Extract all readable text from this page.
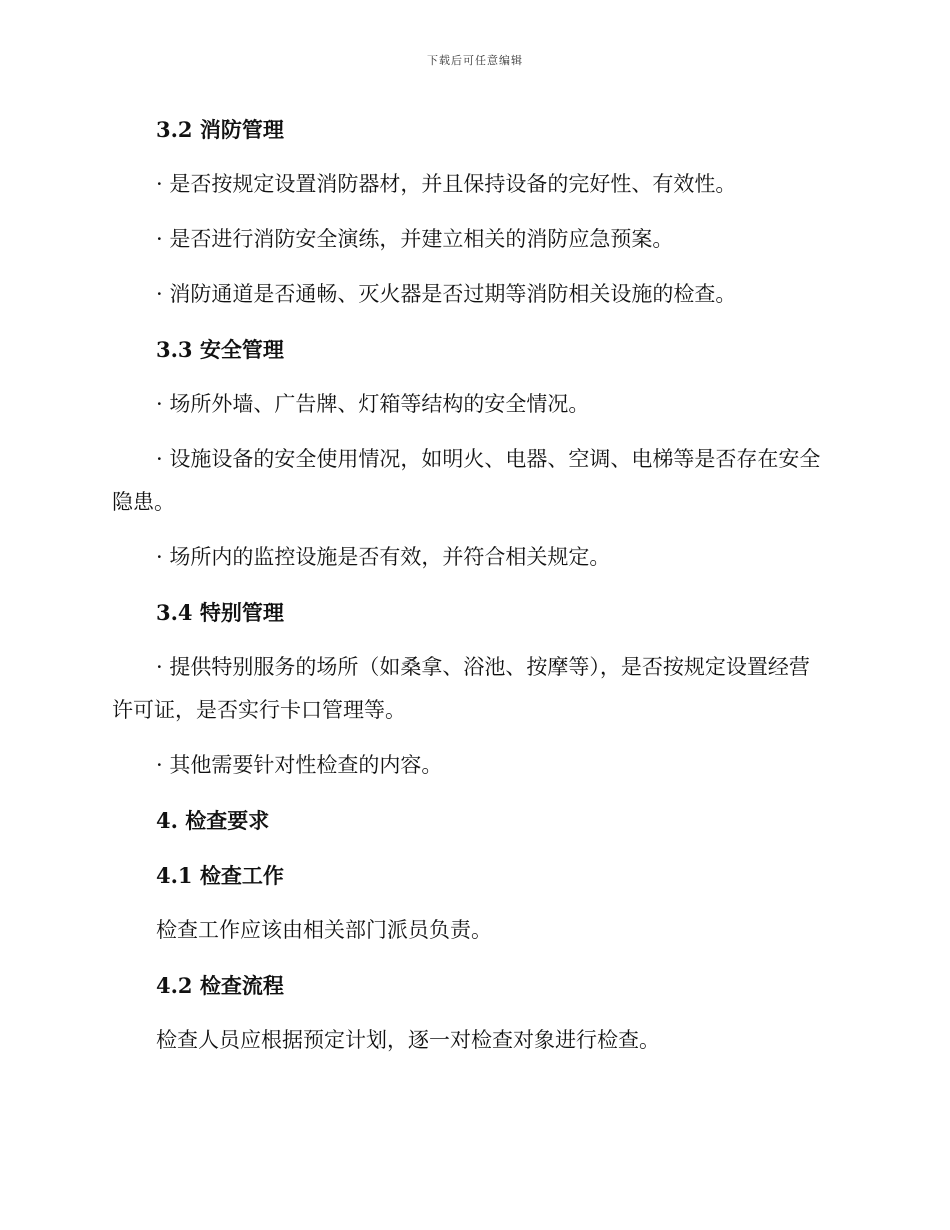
下载后可任意编辑

3.2 消防管理

· 是否按规定设置消防器材，并且保持设备的完好性、有效性。

· 是否进行消防安全演练，并建立相关的消防应急预案。

· 消防通道是否通畅、灭火器是否过期等消防相关设施的检查。

3.3 安全管理

· 场所外墙、广告牌、灯箱等结构的安全情况。

· 设施设备的安全使用情况，如明火、电器、空调、电梯等是否存在安全隐患。

· 场所内的监控设施是否有效，并符合相关规定。

3.4 特别管理

· 提供特别服务的场所（如桑拿、浴池、按摩等），是否按规定设置经营许可证，是否实行卡口管理等。

· 其他需要针对性检查的内容。

4. 检查要求

4.1 检查工作

检查工作应该由相关部门派员负责。

4.2 检查流程

检查人员应根据预定计划，逐一对检查对象进行检查。
